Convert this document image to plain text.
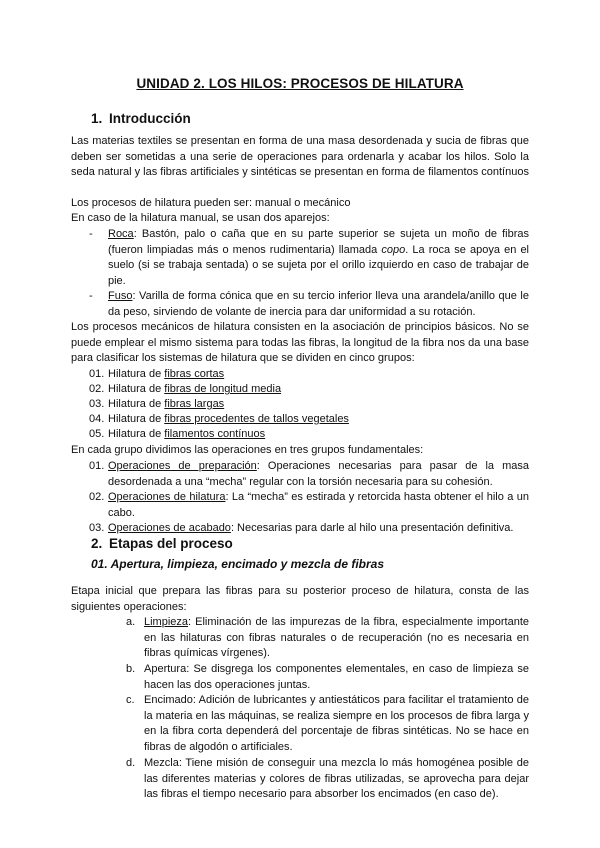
UNIDAD 2. LOS HILOS: PROCESOS DE HILATURA
1. Introducción
Las materias textiles se presentan en forma de una masa desordenada y sucia de fibras que deben ser sometidas a una serie de operaciones para ordenarla y acabar los hilos. Solo la seda natural y las fibras artificiales y sintéticas se presentan en forma de filamentos contínuos
Los procesos de hilatura pueden ser: manual o mecánico
En caso de la hilatura manual, se usan dos aparejos:
- Roca: Bastón, palo o caña que en su parte superior se sujeta un moño de fibras (fueron limpiadas más o menos rudimentaria) llamada copo. La roca se apoya en el suelo (si se trabaja sentada) o se sujeta por el orillo izquierdo en caso de trabajar de pie.
- Fuso: Varilla de forma cónica que en su tercio inferior lleva una arandela/anillo que le da peso, sirviendo de volante de inercia para dar uniformidad a su rotación.
Los procesos mecánicos de hilatura consisten en la asociación de principios básicos. No se puede emplear el mismo sistema para todas las fibras, la longitud de la fibra nos da una base para clasificar los sistemas de hilatura que se dividen en cinco grupos:
01. Hilatura de fibras cortas
02. Hilatura de fibras de longitud media
03. Hilatura de fibras largas
04. Hilatura de fibras procedentes de tallos vegetales
05. Hilatura de filamentos contínuos
En cada grupo dividimos las operaciones en tres grupos fundamentales:
01. Operaciones de preparación: Operaciones necesarias para pasar de la masa desordenada a una “mecha” regular con la torsión necesaria para su cohesión.
02. Operaciones de hilatura: La “mecha” es estirada y retorcida hasta obtener el hilo a un cabo.
03. Operaciones de acabado: Necesarias para darle al hilo una presentación definitiva.
2. Etapas del proceso
01. Apertura, limpieza, encimado y mezcla de fibras
Etapa inicial que prepara las fibras para su posterior proceso de hilatura, consta de las siguientes operaciones:
a. Limpieza: Eliminación de las impurezas de la fibra, especialmente importante en las hilaturas con fibras naturales o de recuperación (no es necesaria en fibras químicas vírgenes).
b. Apertura: Se disgrega los componentes elementales, en caso de limpieza se hacen las dos operaciones juntas.
c. Encimado: Adición de lubricantes y antiestáticos para facilitar el tratamiento de la materia en las máquinas, se realiza siempre en los procesos de fibra larga y en la fibra corta dependerá del porcentaje de fibras sintéticas. No se hace en fibras de algodón o artificiales.
d. Mezcla: Tiene misión de conseguir una mezcla lo más homogénea posible de las diferentes materias y colores de fibras utilizadas, se aprovecha para dejar las fibras el tiempo necesario para absorber los encimados (en caso de).
